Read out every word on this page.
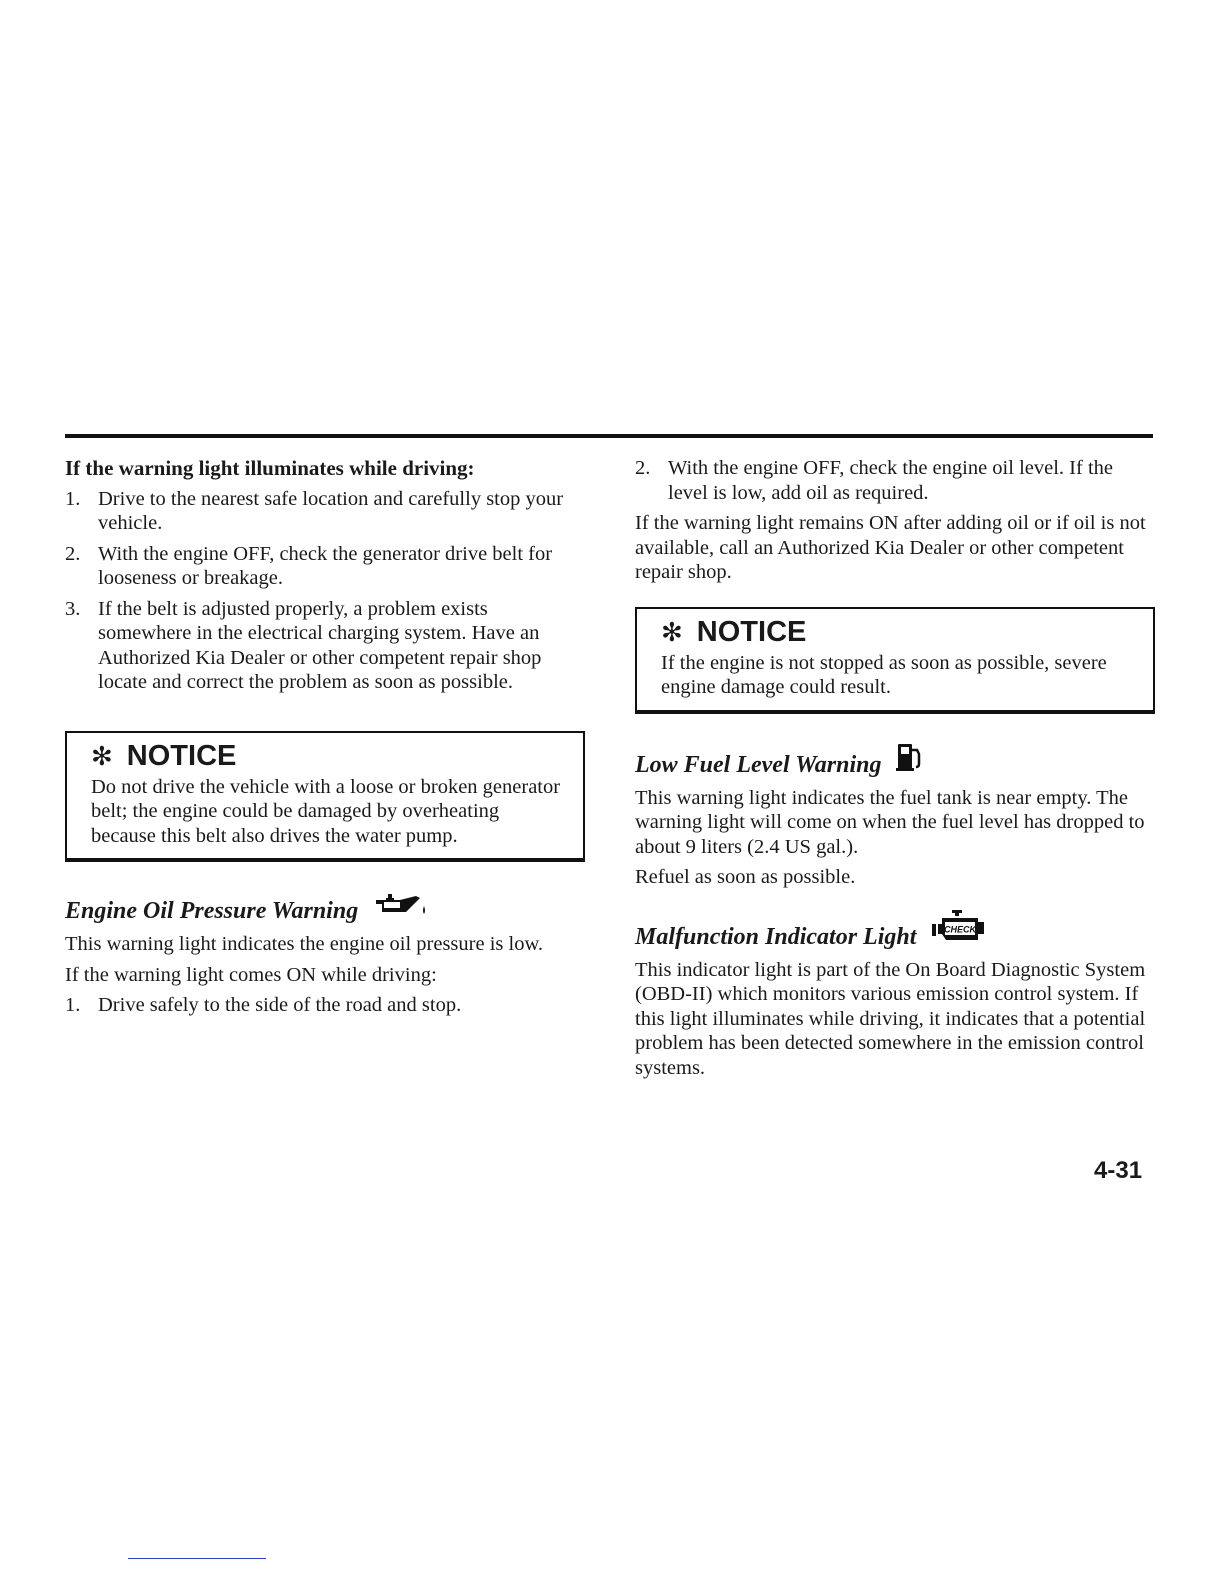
If the warning light illuminates while driving:
1. Drive to the nearest safe location and carefully stop your vehicle.
2. With the engine OFF, check the generator drive belt for looseness or breakage.
3. If the belt is adjusted properly, a problem exists somewhere in the electrical charging system. Have an Authorized Kia Dealer or other competent repair shop locate and correct the problem as soon as possible.
✻ NOTICE
Do not drive the vehicle with a loose or broken generator belt; the engine could be damaged by overheating because this belt also drives the water pump.
Engine Oil Pressure Warning

This warning light indicates the engine oil pressure is low.

If the warning light comes ON while driving:

1. Drive safely to the side of the road and stop.
2. With the engine OFF, check the engine oil level. If the level is low, add oil as required.

If the warning light remains ON after adding oil or if oil is not available, call an Authorized Kia Dealer or other competent repair shop.

✻ NOTICE
If the engine is not stopped as soon as possible, severe engine damage could result.
Low Fuel Level Warning

This warning light indicates the fuel tank is near empty. The warning light will come on when the fuel level has dropped to about 9 liters (2.4 US gal.).

Refuel as soon as possible.

Malfunction Indicator Light	CHECK

This indicator light is part of the On Board Diagnostic System (OBD-II) which monitors various emission control system. If this light illuminates while driving, it indicates that a potential problem has been detected somewhere in the emission control systems.

4-31
